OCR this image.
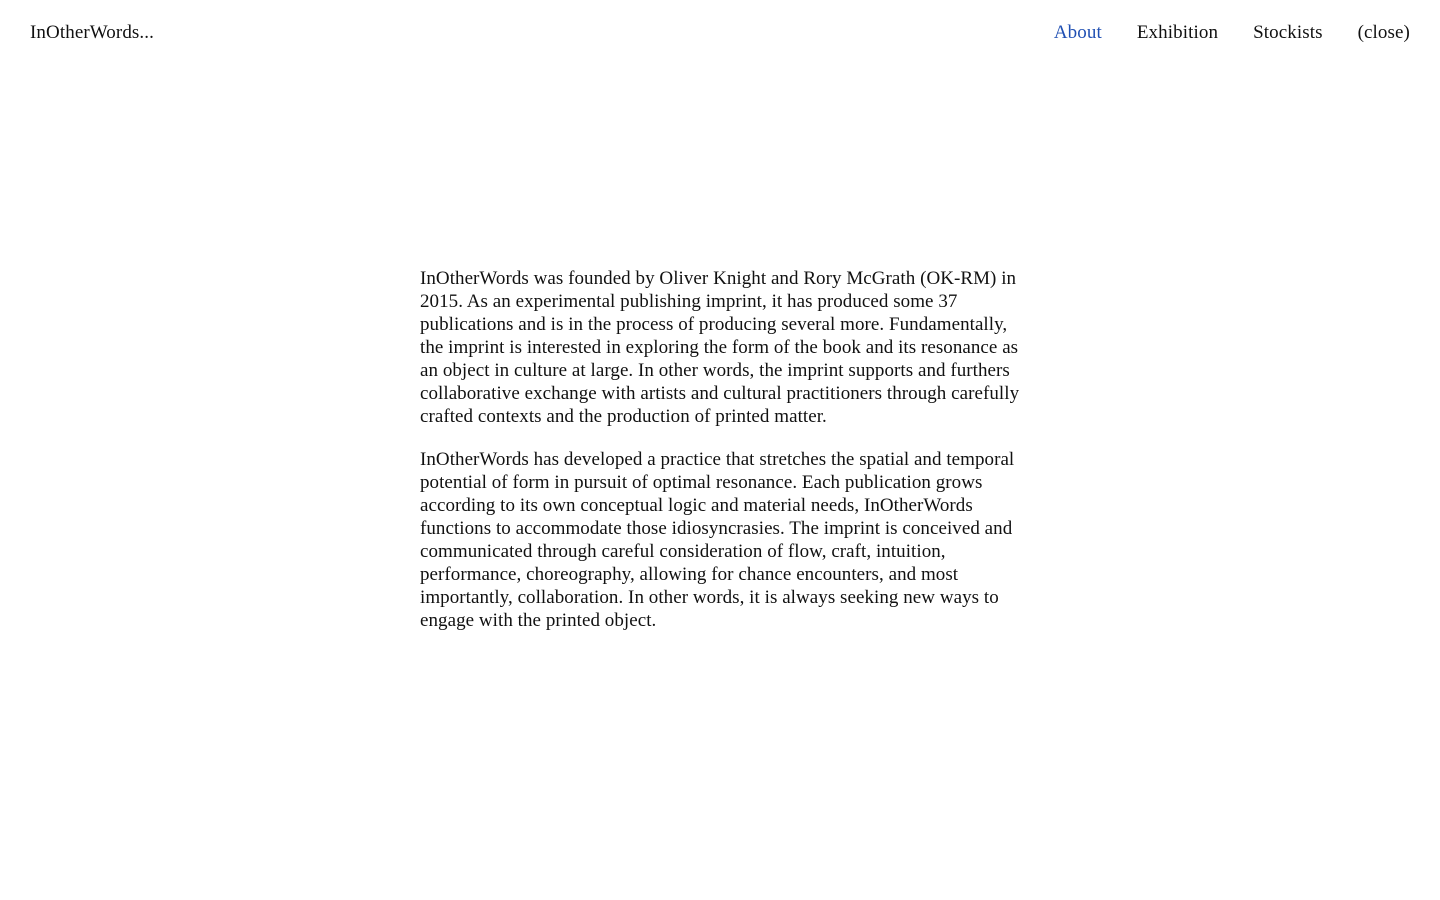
InOtherWords...	About Exhibition Stockists (close)

InOtherWords was founded by Oliver Knight and Rory McGrath (OK-RM) in 2015. As an experimental publishing imprint, it has produced some 37 publications and is in the process of producing several more. Fundamentally, the imprint is interested in exploring the form of the book and its resonance as an object in culture at large. In other words, the imprint supports and furthers collaborative exchange with artists and cultural practitioners through carefully crafted contexts and the production of printed matter.

InOtherWords has developed a practice that stretches the spatial and temporal potential of form in pursuit of optimal resonance. Each publication grows according to its own conceptual logic and material needs, InOtherWords functions to accommodate those idiosyncrasies. The imprint is conceived and communicated through careful consideration of flow, craft, intuition, performance, choreography, allowing for chance encounters, and most importantly, collaboration. In other words, it is always seeking new ways to engage with the printed object.
